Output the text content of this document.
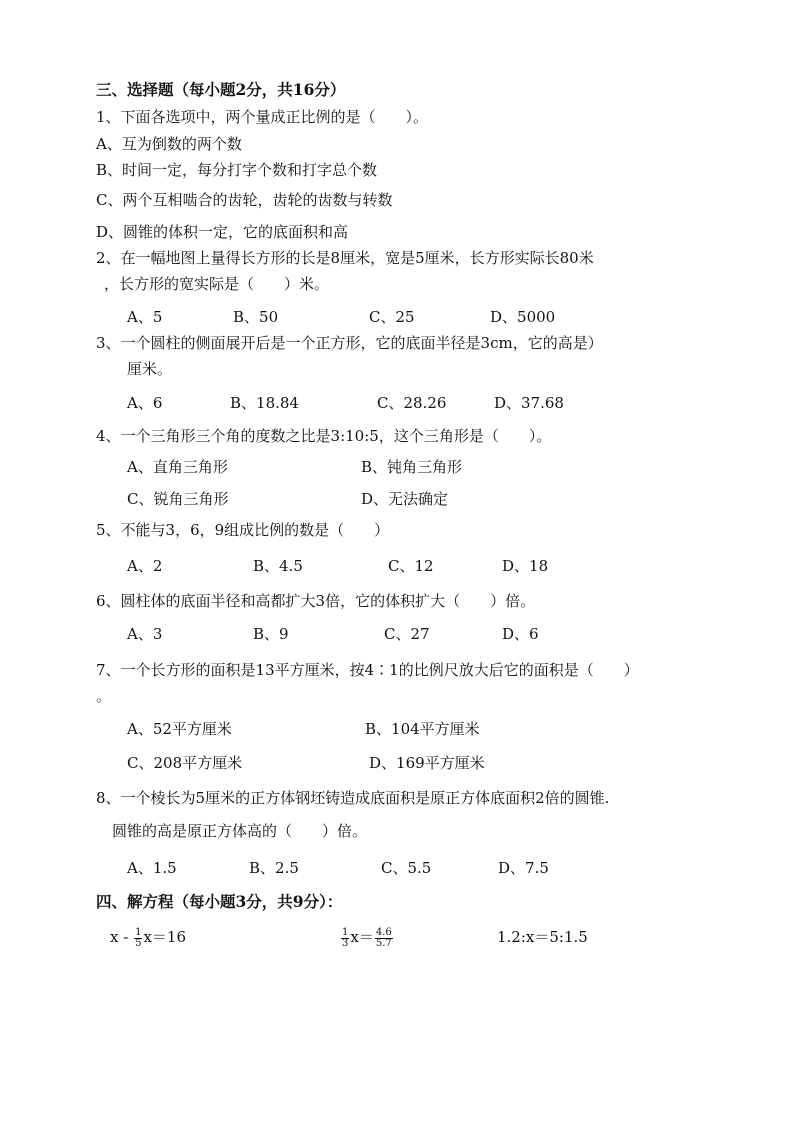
三、选择题（每小题2分，共16分）
1、下面各选项中，两个量成正比例的是（　　）。
A、互为倒数的两个数
B、时间一定，每分打字个数和打字总个数
C、两个互相啮合的齿轮，齿轮的齿数与转数
D、圆锥的体积一定，它的底面积和高
2、在一幅地图上量得长方形的长是8厘米，宽是5厘米，长方形实际长80米
，长方形的宽实际是（　　）米。
A、5	B、50	C、25	D、5000
3、一个圆柱的侧面展开后是一个正方形，它的底面半径是3cm，它的高是）
厘米。
A、6	B、18.84	C、28.26	D、37.68
4、一个三角形三个角的度数之比是3:10:5，这个三角形是（　　）。
A、直角三角形	B、钝角三角形
C、锐角三角形	D、无法确定
5、不能与3，6，9组成比例的数是（　　）
A、2	B、4.5	C、12	D、18
6、圆柱体的底面半径和高都扩大3倍，它的体积扩大（　　）倍。
A、3	B、9	C、27	D、6
7、一个长方形的面积是13平方厘米，按4∶1的比例尺放大后它的面积是（　　）
。
A、52平方厘米	B、104平方厘米
C、208平方厘米	D、169平方厘米
8、一个棱长为5厘米的正方体钢坯铸造成底面积是原正方体底面积2倍的圆锥.
圆锥的高是原正方体高的（　　）倍。
A、1.5	B、2.5	C、5.5	D、7.5
四、解方程（每小题3分，共9分）：
$x - \frac{1}{5} x=16$	$\frac{1}{3} x= \frac{4.6}{5.7}$	1.2:x＝5:1.5
